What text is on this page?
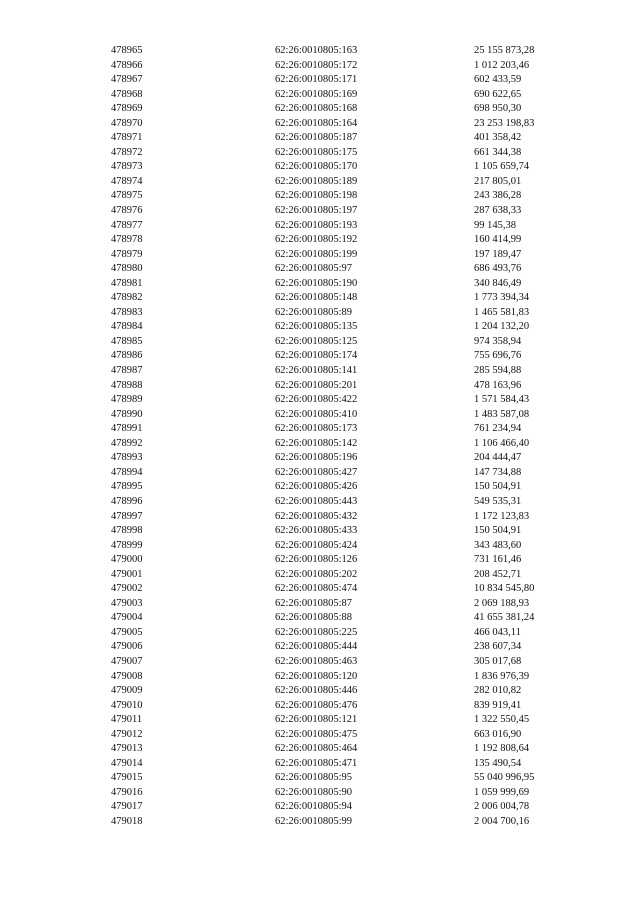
478965	62:26:0010805:163	25 155 873,28
478966	62:26:0010805:172	1 012 203,46
478967	62:26:0010805:171	602 433,59
478968	62:26:0010805:169	690 622,65
478969	62:26:0010805:168	698 950,30
478970	62:26:0010805:164	23 253 198,83
478971	62:26:0010805:187	401 358,42
478972	62:26:0010805:175	661 344,38
478973	62:26:0010805:170	1 105 659,74
478974	62:26:0010805:189	217 805,01
478975	62:26:0010805:198	243 386,28
478976	62:26:0010805:197	287 638,33
478977	62:26:0010805:193	99 145,38
478978	62:26:0010805:192	160 414,99
478979	62:26:0010805:199	197 189,47
478980	62:26:0010805:97	686 493,76
478981	62:26:0010805:190	340 846,49
478982	62:26:0010805:148	1 773 394,34
478983	62:26:0010805:89	1 465 581,83
478984	62:26:0010805:135	1 204 132,20
478985	62:26:0010805:125	974 358,94
478986	62:26:0010805:174	755 696,76
478987	62:26:0010805:141	285 594,88
478988	62:26:0010805:201	478 163,96
478989	62:26:0010805:422	1 571 584,43
478990	62:26:0010805:410	1 483 587,08
478991	62:26:0010805:173	761 234,94
478992	62:26:0010805:142	1 106 466,40
478993	62:26:0010805:196	204 444,47
478994	62:26:0010805:427	147 734,88
478995	62:26:0010805:426	150 504,91
478996	62:26:0010805:443	549 535,31
478997	62:26:0010805:432	1 172 123,83
478998	62:26:0010805:433	150 504,91
478999	62:26:0010805:424	343 483,60
479000	62:26:0010805:126	731 161,46
479001	62:26:0010805:202	208 452,71
479002	62:26:0010805:474	10 834 545,80
479003	62:26:0010805:87	2 069 188,93
479004	62:26:0010805:88	41 655 381,24
479005	62:26:0010805:225	466 043,11
479006	62:26:0010805:444	238 607,34
479007	62:26:0010805:463	305 017,68
479008	62:26:0010805:120	1 836 976,39
479009	62:26:0010805:446	282 010,82
479010	62:26:0010805:476	839 919,41
479011	62:26:0010805:121	1 322 550,45
479012	62:26:0010805:475	663 016,90
479013	62:26:0010805:464	1 192 808,64
479014	62:26:0010805:471	135 490,54
479015	62:26:0010805:95	55 040 996,95
479016	62:26:0010805:90	1 059 999,69
479017	62:26:0010805:94	2 006 004,78
479018	62:26:0010805:99	2 004 700,16
